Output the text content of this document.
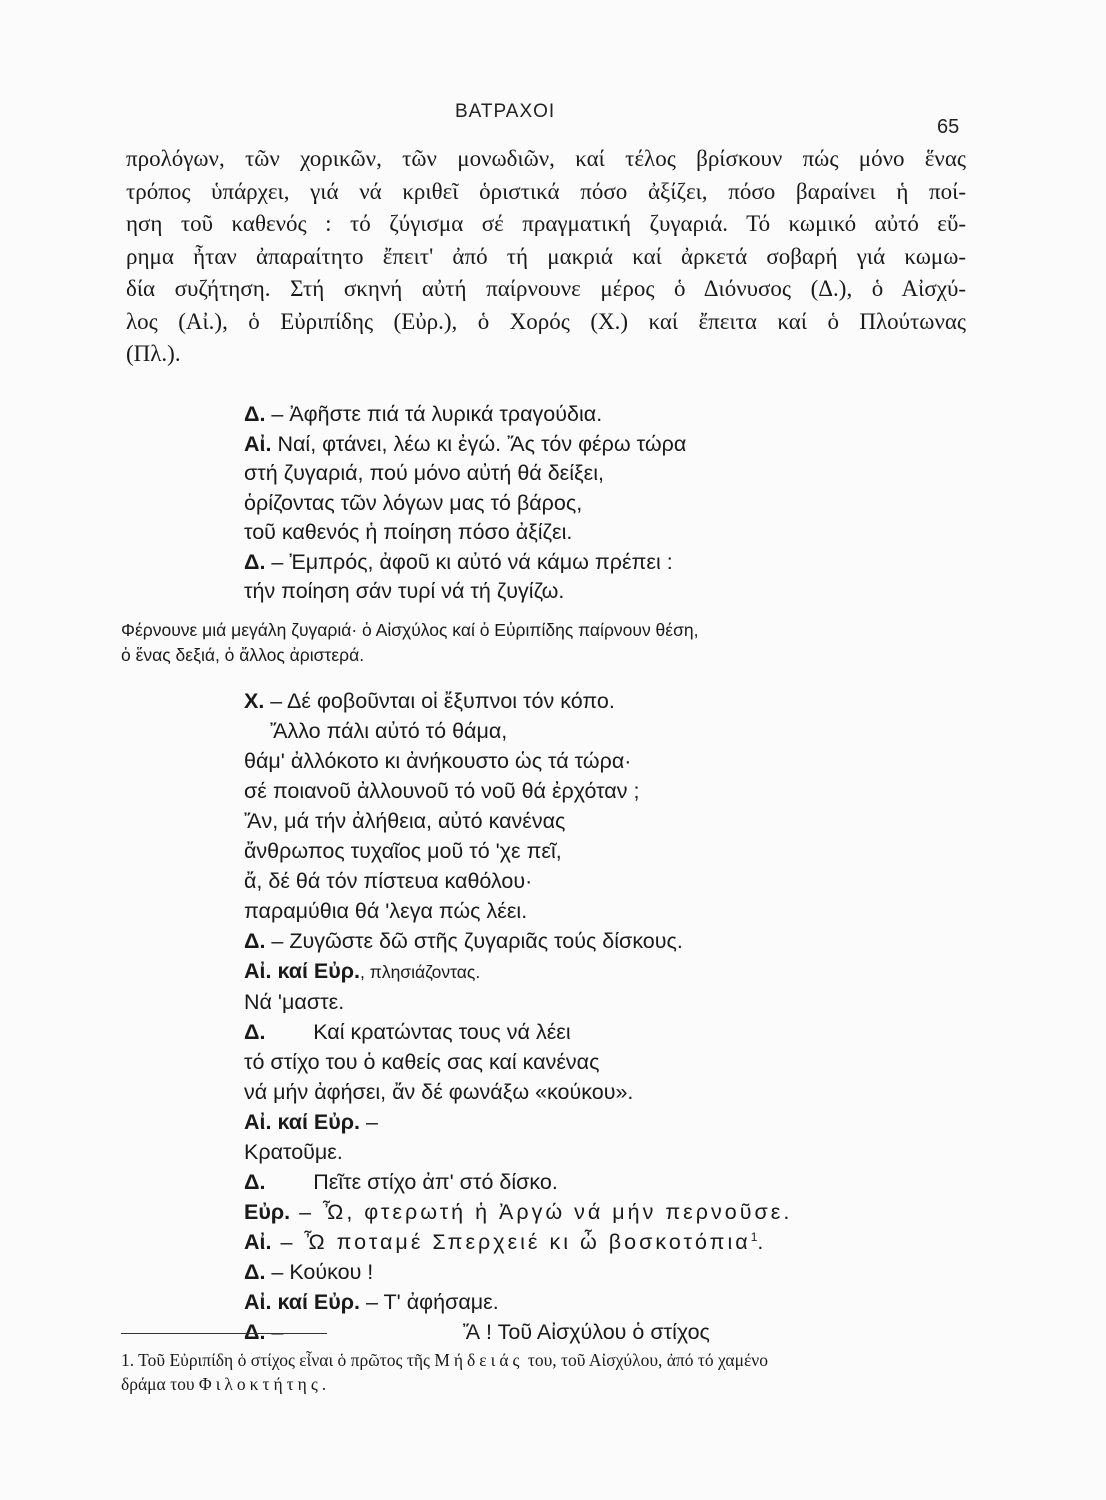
ΒΑΤΡΑΧΟΙ
65
προλόγων, τῶν χορικῶν, τῶν μονωδιῶν, καί τέλος βρίσκουν πώς μόνο ἕνας
τρόπος ὑπάρχει, γιά νά κριθεῖ ὁριστικά πόσο ἀξίζει, πόσο βαραίνει ἡ ποί-
ηση τοῦ καθενός : τό ζύγισμα σέ πραγματική ζυγαριά. Τό κωμικό αὐτό εὕ-
ρημα ἦταν ἀπαραίτητο ἔπειτ' ἀπό τή μακριά καί ἀρκετά σοβαρή γιά κωμω-
δία συζήτηση. Στή σκηνή αὐτή παίρνουνε μέρος ὁ Διόνυσος (Δ.), ὁ Αἰσχύ-
λος (Αἰ.), ὁ Εὐριπίδης (Εὐρ.), ὁ Χορός (Χ.) καί ἔπειτα καί ὁ Πλούτωνας
(Πλ.).
Δ. – Ἀφῆστε πιά τά λυρικά τραγούδια.
Αἰ. Ναί, φτάνει, λέω κι ἐγώ. Ἄς τόν φέρω τώρα
στή ζυγαριά, πού μόνο αὐτή θά δείξει,
ὁρίζοντας τῶν λόγων μας τό βάρος,
τοῦ καθενός ἡ ποίηση πόσο ἀξίζει.
Δ. – Ἐμπρός, ἀφοῦ κι αὐτό νά κάμω πρέπει :
τήν ποίηση σάν τυρί νά τή ζυγίζω.
Φέρνουνε μιά μεγάλη ζυγαριά· ὁ Αἰσχύλος καί ὁ Εὐριπίδης παίρνουν θέση,
ὁ ἕνας δεξιά, ὁ ἄλλος ἀριστερά.
Χ. – Δέ φοβοῦνται οἱ ἔξυπνοι τόν κόπο.
Ἄλλο πάλι αὐτό τό θάμα,
θάμ' ἀλλόκοτο κι ἀνήκουστο ὡς τά τώρα·
σέ ποιανοῦ ἀλλουνοῦ τό νοῦ θά ἐρχόταν ;
Ἄν, μά τήν ἀλήθεια, αὐτό κανένας
ἄνθρωπος τυχαῖος μοῦ τό 'χε πεῖ,
ἄ, δέ θά τόν πίστευα καθόλου·
παραμύθια θά 'λεγα πώς λέει.
Δ. – Ζυγῶστε δῶ στῆς ζυγαριᾶς τούς δίσκους.
Αἰ. καί Εὐρ., πλησιάζοντας.
Νά 'μαστε.
Δ.        Καί κρατώντας τους νά λέει
τό στίχο του ὁ καθείς σας καί κανένας
νά μήν ἀφήσει, ἄν δέ φωνάξω «κούκου».
Αἰ. καί Εὐρ. –
Κρατοῦμε.
Δ.        Πεῖτε στίχο ἀπ' στό δίσκο.
Εὐρ. – Ὦ, φτερωτή ἡ Ἀργώ νά μήν περνοῦσε.
Αἰ. – Ὦ ποταμέ Σπερχειέ κι ὦ βοσκοτόπια$^1$.
Δ. – Κούκου !
Αἰ. καί Εὐρ. – Τ' ἀφήσαμε.
Δ. –                              Ἄ ! Τοῦ Αἰσχύλου ὁ στίχος
1. Τοῦ Εὐριπίδη ὁ στίχος εἶναι ὁ πρῶτος τῆς Μήδειάς του, τοῦ Αἰσχύλου, ἀπό τό χαμένο
δράμα του Φιλοκτήτης.
